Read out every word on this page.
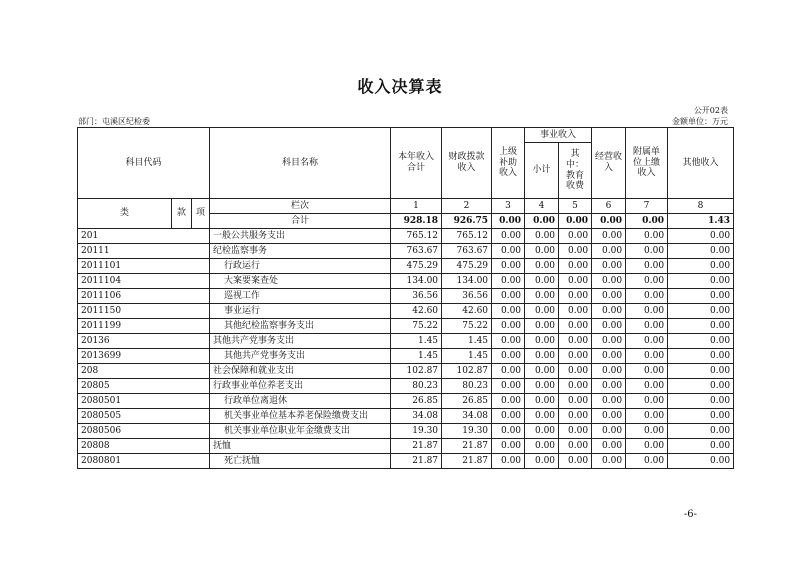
收入决算表
公开02表
部门：屯溪区纪检委	金额单位：万元
科目代码			科目名称	本年收入合计	财政拨款收入	上级补助收入	事业收入		经营收入	附属单位上缴收入	其他收入
							小计	其中：教育收费			
类	款	项	栏次	1	2	3	4	5	6	7	8
			合计	928.18	926.75	0.00	0.00	0.00	0.00	0.00	1.43
201			一般公共服务支出	765.12	765.12	0.00	0.00	0.00	0.00	0.00	0.00
20111			纪检监察事务	763.67	763.67	0.00	0.00	0.00	0.00	0.00	0.00
2011101			行政运行	475.29	475.29	0.00	0.00	0.00	0.00	0.00	0.00
2011104			大案要案查处	134.00	134.00	0.00	0.00	0.00	0.00	0.00	0.00
2011106			巡视工作	36.56	36.56	0.00	0.00	0.00	0.00	0.00	0.00
2011150			事业运行	42.60	42.60	0.00	0.00	0.00	0.00	0.00	0.00
2011199			其他纪检监察事务支出	75.22	75.22	0.00	0.00	0.00	0.00	0.00	0.00
20136			其他共产党事务支出	1.45	1.45	0.00	0.00	0.00	0.00	0.00	0.00
2013699			其他共产党事务支出	1.45	1.45	0.00	0.00	0.00	0.00	0.00	0.00
208			社会保障和就业支出	102.87	102.87	0.00	0.00	0.00	0.00	0.00	0.00
20805			行政事业单位养老支出	80.23	80.23	0.00	0.00	0.00	0.00	0.00	0.00
2080501			行政单位离退休	26.85	26.85	0.00	0.00	0.00	0.00	0.00	0.00
2080505			机关事业单位基本养老保险缴费支出	34.08	34.08	0.00	0.00	0.00	0.00	0.00	0.00
2080506			机关事业单位职业年金缴费支出	19.30	19.30	0.00	0.00	0.00	0.00	0.00	0.00
20808			抚恤	21.87	21.87	0.00	0.00	0.00	0.00	0.00	0.00
2080801			死亡抚恤	21.87	21.87	0.00	0.00	0.00	0.00	0.00	0.00
-6-
